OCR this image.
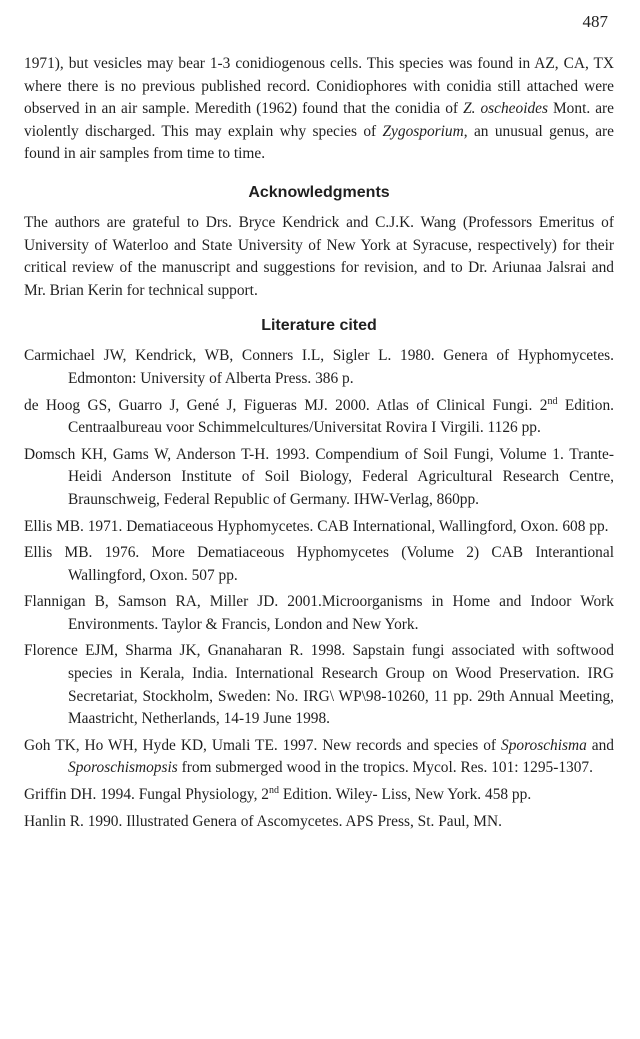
487

1971), but vesicles may bear 1-3 conidiogenous cells. This species was found in AZ, CA, TX where there is no previous published record. Conidiophores with conidia still attached were observed in an air sample. Meredith (1962) found that the conidia of Z. oscheoides Mont. are violently discharged. This may explain why species of Zygosporium, an unusual genus, are found in air samples from time to time.

Acknowledgments

The authors are grateful to Drs. Bryce Kendrick and C.J.K. Wang (Professors Emeritus of University of Waterloo and State University of New York at Syracuse, respectively) for their critical review of the manuscript and suggestions for revision, and to Dr. Ariunaa Jalsrai and Mr. Brian Kerin for technical support.

Literature cited
Carmichael JW, Kendrick, WB, Conners I.L, Sigler L. 1980. Genera of Hyphomycetes. Edmonton: University of Alberta Press. 386 p.
de Hoog GS, Guarro J, Gené J, Figueras MJ. 2000. Atlas of Clinical Fungi. 2nd Edition. Centraalbureau voor Schimmelcultures/Universitat Rovira I Virgili. 1126 pp.
Domsch KH, Gams W, Anderson T-H. 1993. Compendium of Soil Fungi, Volume 1. Trante-Heidi Anderson Institute of Soil Biology, Federal Agricultural Research Centre, Braunschweig, Federal Republic of Germany. IHW-Verlag, 860pp.
Ellis MB. 1971. Dematiaceous Hyphomycetes. CAB International, Wallingford, Oxon. 608 pp.
Ellis MB. 1976. More Dematiaceous Hyphomycetes (Volume 2) CAB Interantional Wallingford, Oxon. 507 pp.
Flannigan B, Samson RA, Miller JD. 2001.Microorganisms in Home and Indoor Work Environments. Taylor & Francis, London and New York.
Florence EJM, Sharma JK, Gnanaharan R. 1998. Sapstain fungi associated with softwood species in Kerala, India. International Research Group on Wood Preservation. IRG Secretariat, Stockholm, Sweden: No. IRG\ WP\98-10260, 11 pp. 29th Annual Meeting, Maastricht, Netherlands, 14-19 June 1998.
Goh TK, Ho WH, Hyde KD, Umali TE. 1997. New records and species of Sporoschisma and Sporoschismopsis from submerged wood in the tropics. Mycol. Res. 101: 1295-1307.
Griffin DH. 1994. Fungal Physiology, 2nd Edition. Wiley- Liss, New York. 458 pp.
Hanlin R. 1990. Illustrated Genera of Ascomycetes. APS Press, St. Paul, MN.
